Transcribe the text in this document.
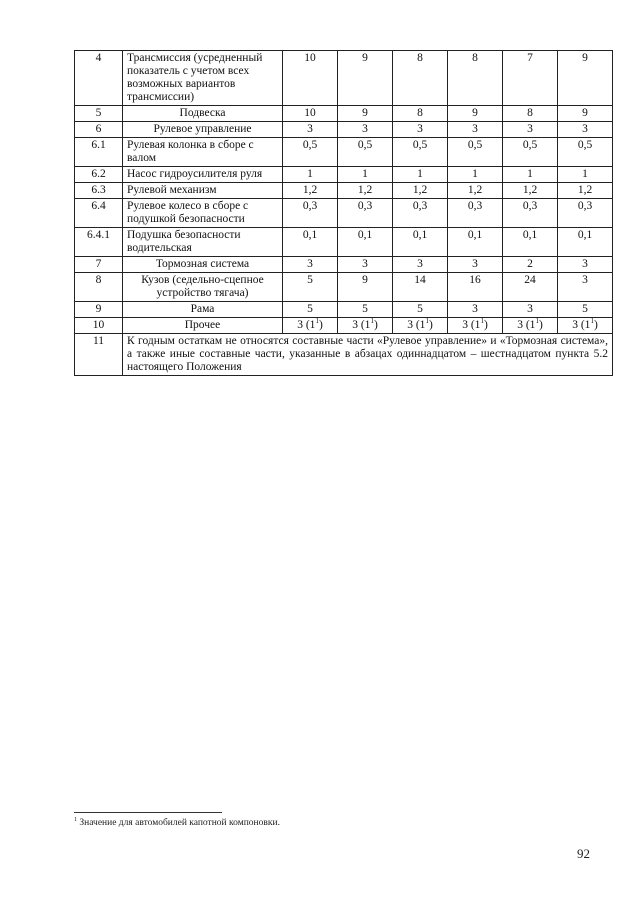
4	Трансмиссия (усредненный показатель с учетом всех возможных вариантов трансмиссии)	10	9	8	8	7	9
5	Подвеска	10	9	8	9	8	9
6	Рулевое управление	3	3	3	3	3	3
6.1	Рулевая колонка в сборе с валом	0,5	0,5	0,5	0,5	0,5	0,5
6.2	Насос гидроусилителя руля	1	1	1	1	1	1
6.3	Рулевой механизм	1,2	1,2	1,2	1,2	1,2	1,2
6.4	Рулевое колесо в сборе с подушкой безопасности	0,3	0,3	0,3	0,3	0,3	0,3
6.4.1	Подушка безопасности водительская	0,1	0,1	0,1	0,1	0,1	0,1
7	Тормозная система	3	3	3	3	2	3
8	Кузов (седельно-сцепное устройство тягача)	5	9	14	16	24	3
9	Рама	5	5	5	3	3	5
10	Прочее	3 $(1^1)$	3 $(1^1)$	3 $(1^1)$	3 $(1^1)$	3 $(1^1)$	3 $(1^1)$
11	К годным остаткам не относятся составные части «Рулевое управление» и «Тормозная система», а также иные составные части, указанные в абзацах одиннадцатом – шестнадцатом пункта 5.2 настоящего Положения						
$^1$ Значение для автомобилей капотной компоновки.
92
